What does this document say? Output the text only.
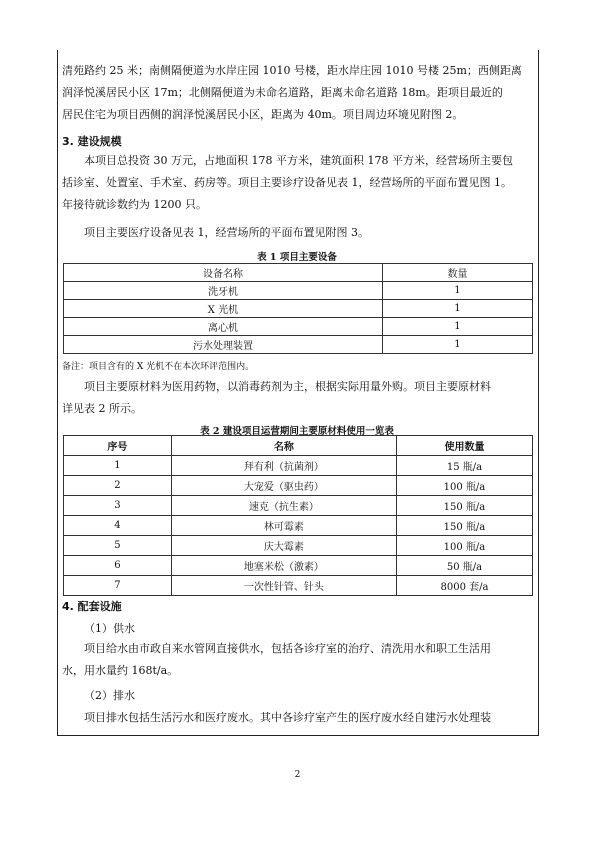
清苑路约 25 米；南侧隔便道为水岸庄园 1010 号楼，距水岸庄园 1010 号楼 25m；西侧距离
润泽悦溪居民小区 17m；北侧隔便道为未命名道路，距离未命名道路 18m。距项目最近的
居民住宅为项目西侧的润泽悦溪居民小区，距离为 40m。项目周边环境见附图 2。

3. 建设规模

本项目总投资 30 万元，占地面积 178 平方米，建筑面积 178 平方米，经营场所主要包
括诊室、处置室、手术室、药房等。项目主要诊疗设备见表 1，经营场所的平面布置见图 1。
年接待就诊数约为 1200 只。
项目主要医疗设备见表 1，经营场所的平面布置见附图 3。

表 1 项目主要设备

设备名称	数量
洗牙机	1
X 光机	1
离心机	1
污水处理装置	1

备注：项目含有的 X 光机不在本次环评范围内。

项目主要原材料为医用药物，以消毒药剂为主，根据实际用量外购。项目主要原材料
详见表 2 所示。

表 2 建设项目运营期间主要原材料使用一览表

序号	名称	使用数量
1	拜有利（抗菌剂）	15 瓶/a
2	大宠爱（驱虫药）	100 瓶/a
3	速克（抗生素）	150 瓶/a
4	林可霉素	150 瓶/a
5	庆大霉素	100 瓶/a
6	地塞米松（激素）	50 瓶/a
7	一次性针管、针头	8000 套/a

4. 配套设施

（1）供水

项目给水由市政自来水管网直接供水，包括各诊疗室的治疗、清洗用水和职工生活用
水，用水量约 168t/a。

（2）排水

项目排水包括生活污水和医疗废水。其中各诊疗室产生的医疗废水经自建污水处理装
2
